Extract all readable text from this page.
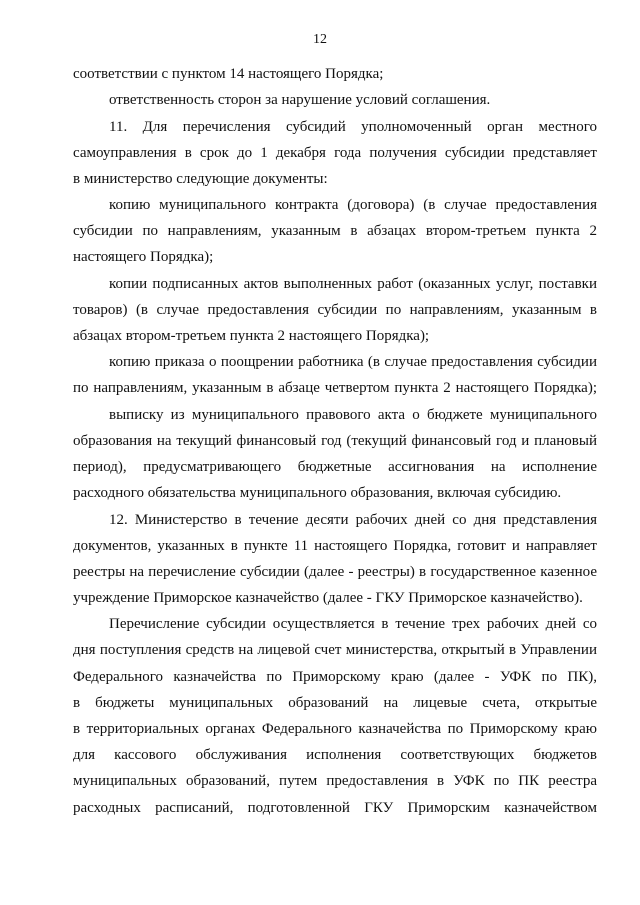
12
соответствии с пунктом 14 настоящего Порядка;
ответственность сторон за нарушение условий соглашения.
11. Для перечисления субсидий уполномоченный орган местного
самоуправления в срок до 1 декабря года получения субсидии представляет
в министерство следующие документы:
копию муниципального контракта (договора) (в случае предоставления
субсидии по направлениям, указанным в абзацах втором-третьем пункта 2
настоящего Порядка);
копии подписанных актов выполненных работ (оказанных услуг, поставки
товаров) (в случае предоставления субсидии по направлениям, указанным в
абзацах втором-третьем пункта 2 настоящего Порядка);
копию приказа о поощрении работника (в случае предоставления субсидии
по направлениям, указанным в абзаце четвертом пункта 2 настоящего Порядка);
выписку из муниципального правового акта о бюджете муниципального
образования на текущий финансовый год (текущий финансовый год и плановый
период), предусматривающего бюджетные ассигнования на исполнение
расходного обязательства муниципального образования, включая субсидию.
12. Министерство в течение десяти рабочих дней со дня представления
документов, указанных в пункте 11 настоящего Порядка, готовит и направляет
реестры на перечисление субсидии (далее - реестры) в государственное казенное
учреждение Приморское казначейство (далее - ГКУ Приморское казначейство).
Перечисление субсидии осуществляется в течение трех рабочих дней со
дня поступления средств на лицевой счет министерства, открытый в Управлении
Федерального казначейства по Приморскому краю (далее - УФК по ПК),
в бюджеты муниципальных образований на лицевые счета, открытые
в территориальных органах Федерального казначейства по Приморскому краю
для кассового обслуживания исполнения соответствующих бюджетов
муниципальных образований, путем предоставления в УФК по ПК реестра
расходных расписаний, подготовленной ГКУ Приморским казначейством
